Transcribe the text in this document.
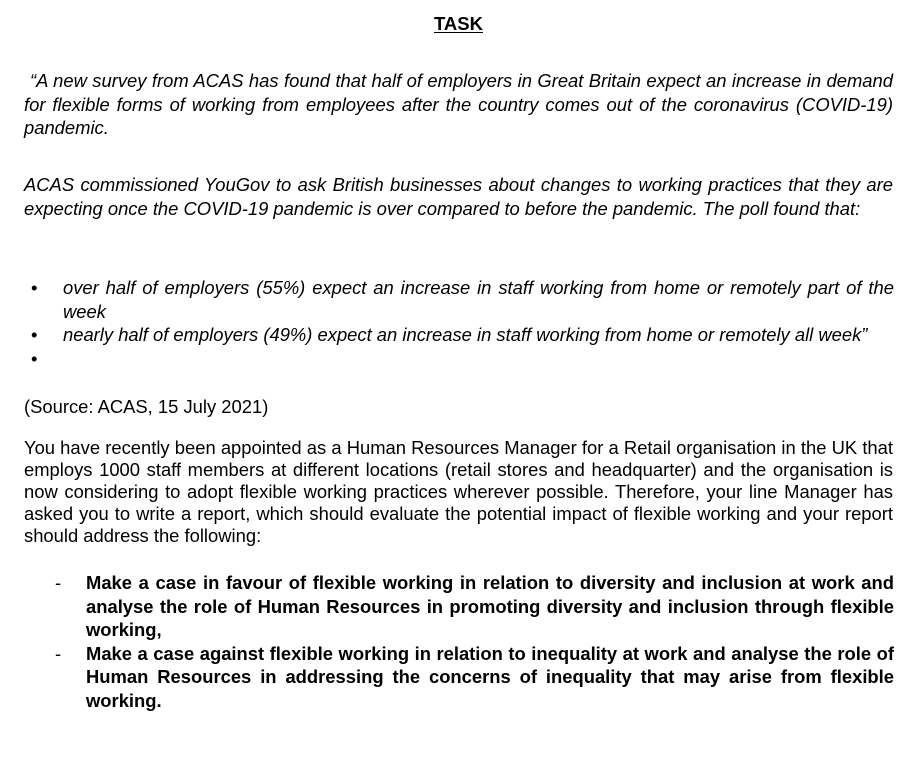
TASK

“A new survey from ACAS has found that half of employers in Great Britain expect an increase in demand for flexible forms of working from employees after the country comes out of the coronavirus (COVID-19) pandemic.

ACAS commissioned YouGov to ask British businesses about changes to working practices that they are expecting once the COVID-19 pandemic is over compared to before the pandemic. The poll found that:

• over half of employers (55%) expect an increase in staff working from home or remotely part of the week
• nearly half of employers (49%) expect an increase in staff working from home or remotely all week”
•

(Source: ACAS, 15 July 2021)

You have recently been appointed as a Human Resources Manager for a Retail organisation in the UK that employs 1000 staff members at different locations (retail stores and headquarter) and the organisation is now considering to adopt flexible working practices wherever possible. Therefore, your line Manager has asked you to write a report, which should evaluate the potential impact of flexible working and your report should address the following:

- Make a case in favour of flexible working in relation to diversity and inclusion at work and analyse the role of Human Resources in promoting diversity and inclusion through flexible working,
- Make a case against flexible working in relation to inequality at work and analyse the role of Human Resources in addressing the concerns of inequality that may arise from flexible working.
